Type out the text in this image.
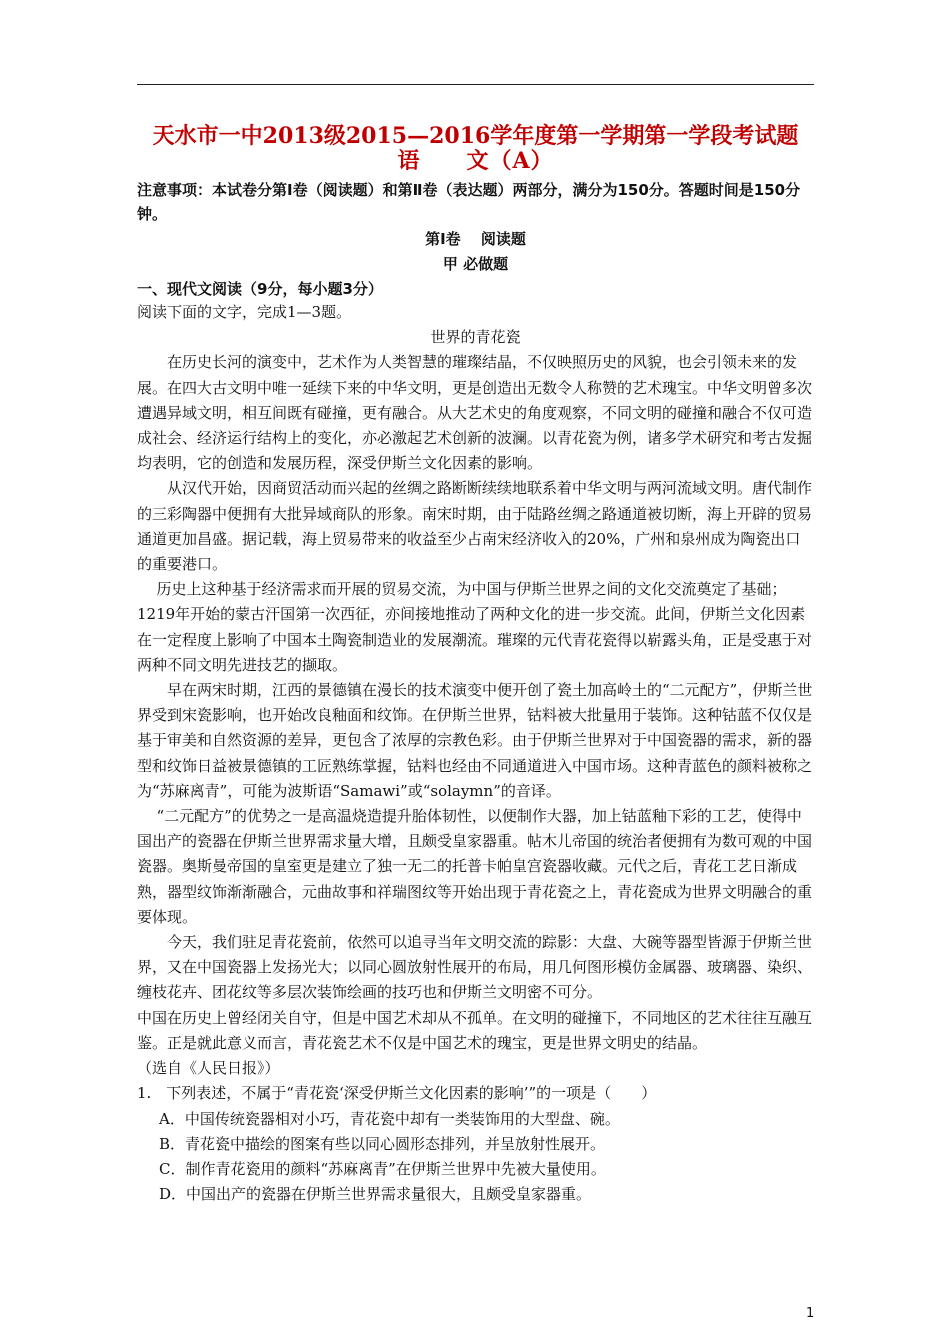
天水市一中2013级2015—2016学年度第一学期第一学段考试题
语　　文（A）
注意事项：本试卷分第Ⅰ卷（阅读题）和第Ⅱ卷（表达题）两部分，满分为150分。答题时间是150分钟。
第Ⅰ卷　 阅读题
甲 必做题
一、现代文阅读（9分，每小题3分）

阅读下面的文字，完成1—3题。

世界的青花瓷

在历史长河的演变中，艺术作为人类智慧的璀璨结晶，不仅映照历史的风貌，也会引领未来的发展。在四大古文明中唯一延续下来的中华文明，更是创造出无数令人称赞的艺术瑰宝。中华文明曾多次遭遇异域文明，相互间既有碰撞，更有融合。从大艺术史的角度观察，不同文明的碰撞和融合不仅可造成社会、经济运行结构上的变化，亦必激起艺术创新的波澜。以青花瓷为例，诸多学术研究和考古发掘均表明，它的创造和发展历程，深受伊斯兰文化因素的影响。

从汉代开始，因商贸活动而兴起的丝绸之路断断续续地联系着中华文明与两河流域文明。唐代制作的三彩陶器中便拥有大批异域商队的形象。南宋时期，由于陆路丝绸之路通道被切断，海上开辟的贸易通道更加昌盛。据记载，海上贸易带来的收益至少占南宋经济收入的20%，广州和泉州成为陶瓷出口的重要港口。

历史上这种基于经济需求而开展的贸易交流，为中国与伊斯兰世界之间的文化交流奠定了基础；1219年开始的蒙古汗国第一次西征，亦间接地推动了两种文化的进一步交流。此间，伊斯兰文化因素在一定程度上影响了中国本土陶瓷制造业的发展潮流。璀璨的元代青花瓷得以崭露头角，正是受惠于对两种不同文明先进技艺的撷取。

早在两宋时期，江西的景德镇在漫长的技术演变中便开创了瓷土加高岭土的“二元配方”，伊斯兰世界受到宋瓷影响，也开始改良釉面和纹饰。在伊斯兰世界，钴料被大批量用于装饰。这种钴蓝不仅仅是基于审美和自然资源的差异，更包含了浓厚的宗教色彩。由于伊斯兰世界对于中国瓷器的需求，新的器型和纹饰日益被景德镇的工匠熟练掌握，钴料也经由不同通道进入中国市场。这种青蓝色的颜料被称之为“苏麻离青”，可能为波斯语“Samawi”或“solaymn”的音译。

“二元配方”的优势之一是高温烧造提升胎体韧性，以便制作大器，加上钴蓝釉下彩的工艺，使得中国出产的瓷器在伊斯兰世界需求量大增，且颇受皇家器重。帖木儿帝国的统治者便拥有为数可观的中国瓷器。奥斯曼帝国的皇室更是建立了独一无二的托普卡帕皇宫瓷器收藏。元代之后，青花工艺日渐成熟，器型纹饰渐渐融合，元曲故事和祥瑞图纹等开始出现于青花瓷之上，青花瓷成为世界文明融合的重要体现。

今天，我们驻足青花瓷前，依然可以追寻当年文明交流的踪影：大盘、大碗等器型皆源于伊斯兰世界，又在中国瓷器上发扬光大；以同心圆放射性展开的布局，用几何图形模仿金属器、玻璃器、染织、缠枝花卉、团花纹等多层次装饰绘画的技巧也和伊斯兰文明密不可分。

中国在历史上曾经闭关自守，但是中国艺术却从不孤单。在文明的碰撞下，不同地区的艺术往往互融互鉴。正是就此意义而言，青花瓷艺术不仅是中国艺术的瑰宝，更是世界文明史的结晶。

（选自《人民日报》）

1.　下列表述，不属于“青花瓷‘深受伊斯兰文化因素的影响’”的一项是（　　）

A．中国传统瓷器相对小巧，青花瓷中却有一类装饰用的大型盘、碗。

B．青花瓷中描绘的图案有些以同心圆形态排列，并呈放射性展开。

C．制作青花瓷用的颜料“苏麻离青”在伊斯兰世界中先被大量使用。

D．中国出产的瓷器在伊斯兰世界需求量很大，且颇受皇家器重。

1
